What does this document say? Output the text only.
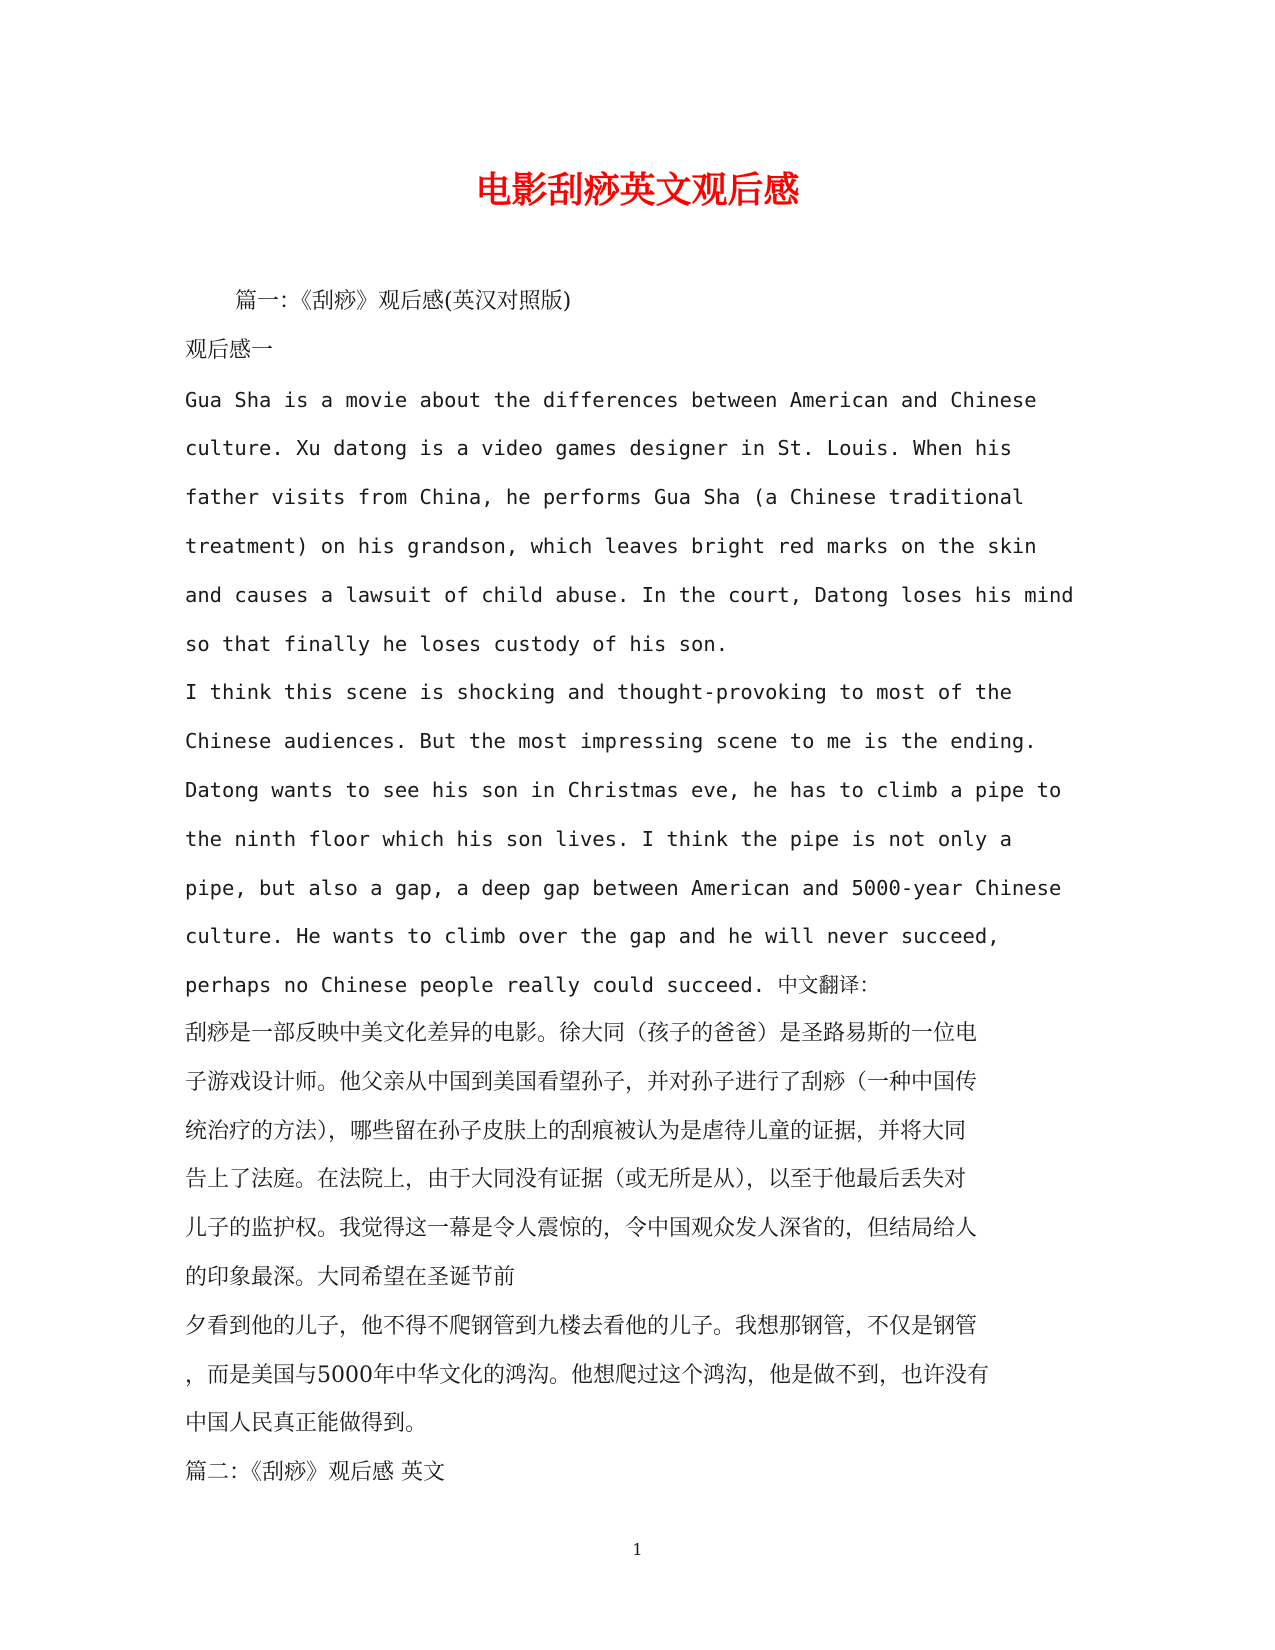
电影刮痧英文观后感
篇一：《刮痧》观后感(英汉对照版)
观后感一
Gua Sha is a movie about the differences between American and Chinese
culture. Xu datong is a video games designer in St. Louis. When his
father visits from China, he performs Gua Sha (a Chinese traditional
treatment) on his grandson, which leaves bright red marks on the skin
and causes a lawsuit of child abuse. In the court, Datong loses his mind
so that finally he loses custody of his son.
I think this scene is shocking and thought-provoking to most of the
Chinese audiences. But the most impressing scene to me is the ending.
Datong wants to see his son in Christmas eve, he has to climb a pipe to
the ninth floor which his son lives. I think the pipe is not only a
pipe, but also a gap, a deep gap between American and 5000-year Chinese
culture. He wants to climb over the gap and he will never succeed,
perhaps no Chinese people really could succeed. 中文翻译：
刮痧是一部反映中美文化差异的电影。徐大同（孩子的爸爸）是圣路易斯的一位电
子游戏设计师。他父亲从中国到美国看望孙子，并对孙子进行了刮痧（一种中国传
统治疗的方法），哪些留在孙子皮肤上的刮痕被认为是虐待儿童的证据，并将大同
告上了法庭。在法院上，由于大同没有证据（或无所是从），以至于他最后丢失对
儿子的监护权。我觉得这一幕是令人震惊的，令中国观众发人深省的，但结局给人
的印象最深。大同希望在圣诞节前
夕看到他的儿子，他不得不爬钢管到九楼去看他的儿子。我想那钢管，不仅是钢管
，而是美国与5000年中华文化的鸿沟。他想爬过这个鸿沟，他是做不到，也许没有
中国人民真正能做得到。
篇二：《刮痧》观后感 英文
1
